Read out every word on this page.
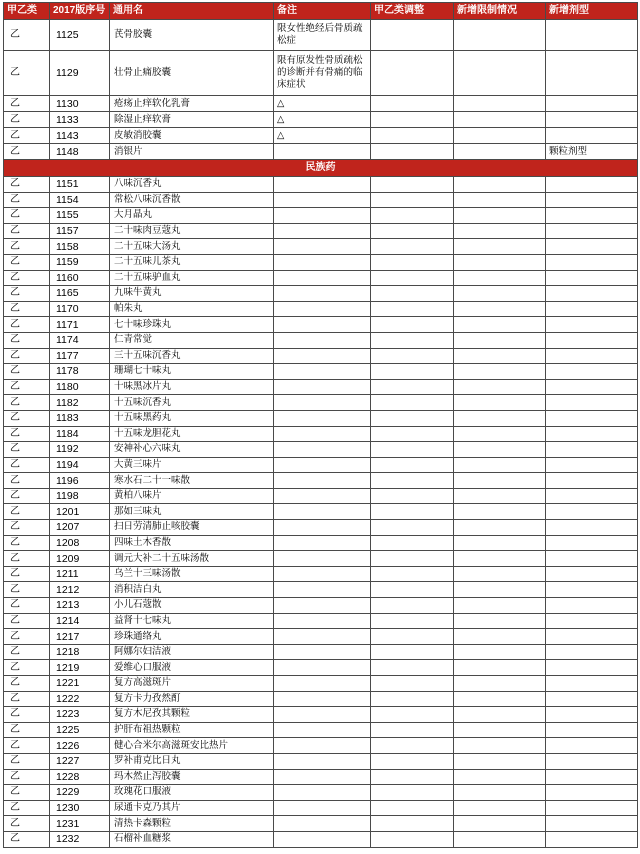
甲乙类	2017版序号	通用名	备注	甲乙类调整	新增限制情况	新增剂型
乙	1125	芪骨胶囊	限女性绝经后骨质疏松症			
乙	1129	壮骨止痛胶囊	限有原发性骨质疏松的诊断并有骨痛的临床症状			
乙	1130	疮疡止痒软化乳膏	△			
乙	1133	除湿止痒软膏	△			
乙	1143	皮敏消胶囊	△			
乙	1148	消银片				颗粒剂型
民族药						
乙	1151	八味沉香丸				
乙	1154	常松八味沉香散				
乙	1155	大月晶丸				
乙	1157	二十味肉豆蔻丸				
乙	1158	二十五味大汤丸				
乙	1159	二十五味儿茶丸				
乙	1160	二十五味驴血丸				
乙	1165	九味牛黄丸				
乙	1170	帕朱丸				
乙	1171	七十味珍珠丸				
乙	1174	仁青常觉				
乙	1177	三十五味沉香丸				
乙	1178	珊瑚七十味丸				
乙	1180	十味黑冰片丸				
乙	1182	十五味沉香丸				
乙	1183	十五味黑药丸				
乙	1184	十五味龙胆花丸				
乙	1192	安神补心六味丸				
乙	1194	大黄三味片				
乙	1196	寒水石二十一味散				
乙	1198	黄柏八味片				
乙	1201	那如三味丸				
乙	1207	扫日劳清肺止咳胶囊				
乙	1208	四味土木香散				
乙	1209	调元大补二十五味汤散				
乙	1211	乌兰十三味汤散				
乙	1212	消积洁白丸				
乙	1213	小儿石蔻散				
乙	1214	益肾十七味丸				
乙	1217	珍珠通络丸				
乙	1218	阿娜尔妇洁液				
乙	1219	爱维心口服液				
乙	1221	复方高滋斑片				
乙	1222	复方卡力孜然酊				
乙	1223	复方木尼孜其颗粒				
乙	1225	护肝布祖热颗粒				
乙	1226	健心合米尔高滋斑安比热片				
乙	1227	罗补甫克比日丸				
乙	1228	玛木然止泻胶囊				
乙	1229	玫瑰花口服液				
乙	1230	尿通卡克乃其片				
乙	1231	清热卡森颗粒				
乙	1232	石榴补血糖浆				
